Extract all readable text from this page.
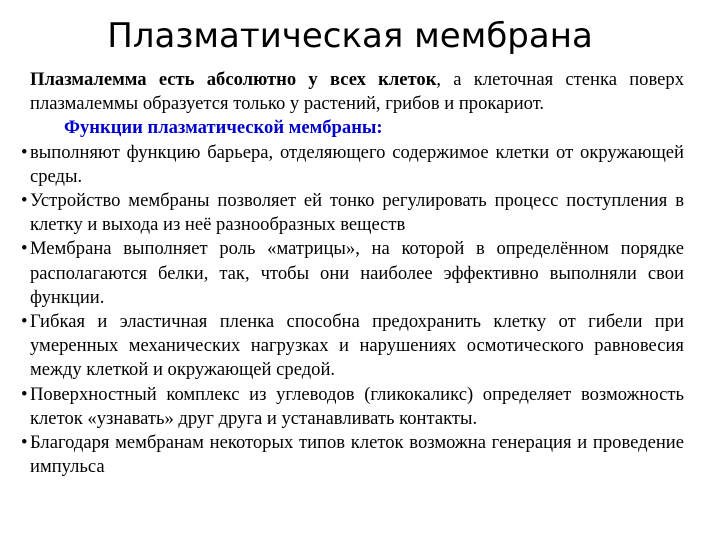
Плазматическая мембрана

Плазмалемма есть абсолютно у всех клеток, а клеточная стенка поверх плазмалеммы образуется только у растений, грибов и прокариот.

Функции плазматической мембраны:

• выполняют функцию барьера, отделяющего содержимое клетки от окружающей среды.
• Устройство мембраны позволяет ей тонко регулировать процесс поступления в клетку и выхода из неё разнообразных веществ
• Мембрана выполняет роль «матрицы», на которой в определённом порядке располагаются белки, так, чтобы они наиболее эффективно выполняли свои функции.
• Гибкая и эластичная пленка способна предохранить клетку от гибели при умеренных механических нагрузках и нарушениях осмотического равновесия между клеткой и окружающей средой.
• Поверхностный комплекс из углеводов (гликокаликс) определяет возможность клеток «узнавать» друг друга и устанавливать контакты.
• Благодаря мембранам некоторых типов клеток возможна генерация и проведение импульса
